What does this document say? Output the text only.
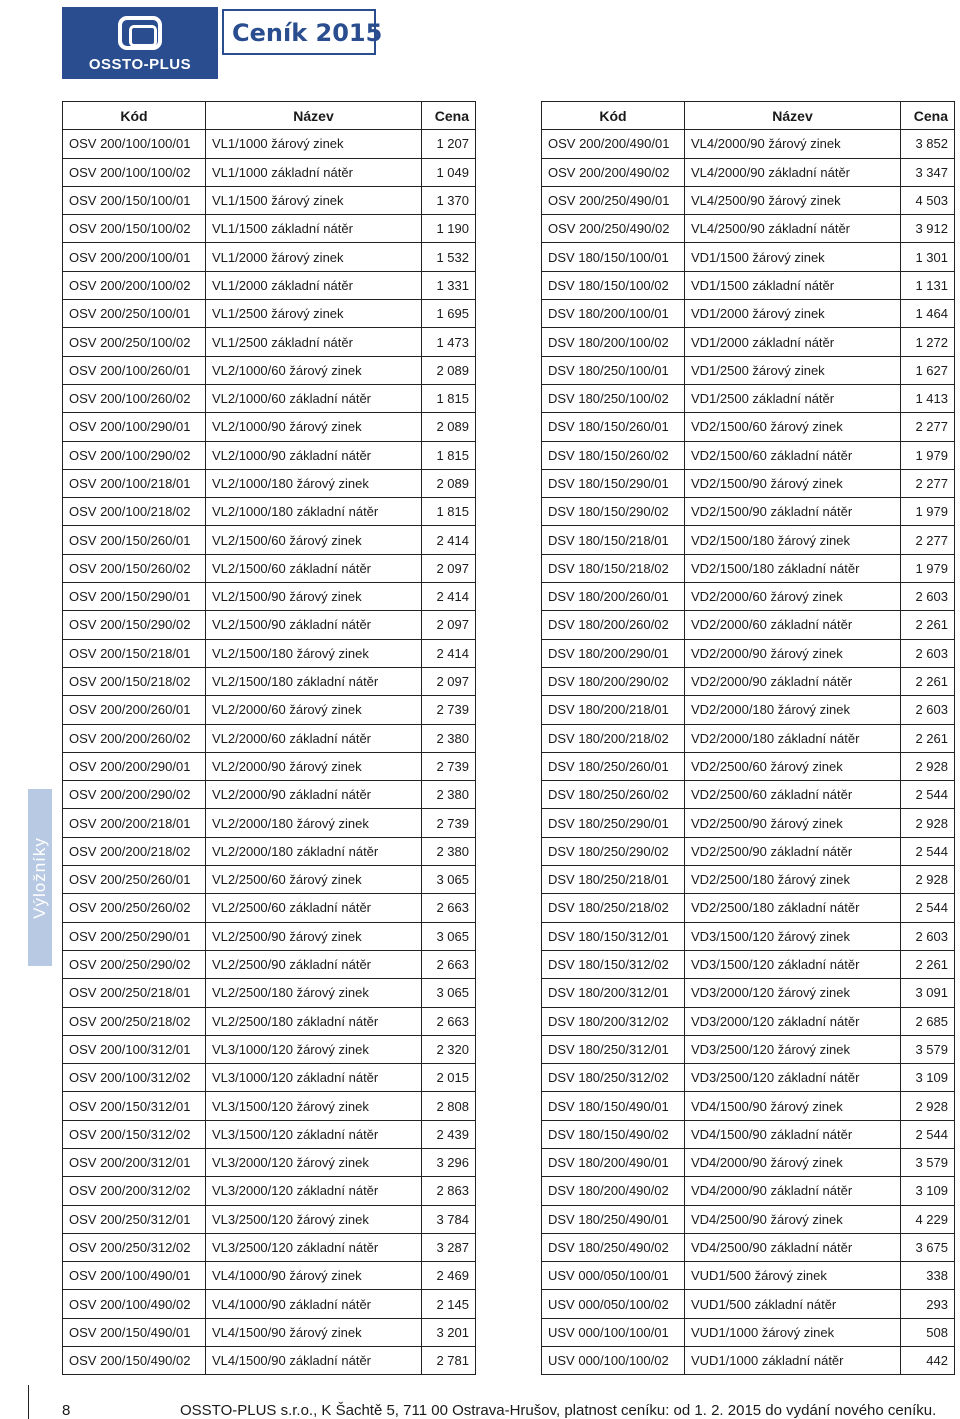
OSSTO-PLUS
Ceník 2015
Kód	Název	Cena
OSV 200/100/100/01	VL1/1000 žárový zinek	1 207
OSV 200/100/100/02	VL1/1000 základní nátěr	1 049
OSV 200/150/100/01	VL1/1500 žárový zinek	1 370
OSV 200/150/100/02	VL1/1500 základní nátěr	1 190
OSV 200/200/100/01	VL1/2000 žárový zinek	1 532
OSV 200/200/100/02	VL1/2000 základní nátěr	1 331
OSV 200/250/100/01	VL1/2500 žárový zinek	1 695
OSV 200/250/100/02	VL1/2500 základní nátěr	1 473
OSV 200/100/260/01	VL2/1000/60 žárový zinek	2 089
OSV 200/100/260/02	VL2/1000/60 základní nátěr	1 815
OSV 200/100/290/01	VL2/1000/90 žárový zinek	2 089
OSV 200/100/290/02	VL2/1000/90 základní nátěr	1 815
OSV 200/100/218/01	VL2/1000/180 žárový zinek	2 089
OSV 200/100/218/02	VL2/1000/180 základní nátěr	1 815
OSV 200/150/260/01	VL2/1500/60 žárový zinek	2 414
OSV 200/150/260/02	VL2/1500/60 základní nátěr	2 097
OSV 200/150/290/01	VL2/1500/90 žárový zinek	2 414
OSV 200/150/290/02	VL2/1500/90 základní nátěr	2 097
OSV 200/150/218/01	VL2/1500/180 žárový zinek	2 414
OSV 200/150/218/02	VL2/1500/180 základní nátěr	2 097
OSV 200/200/260/01	VL2/2000/60 žárový zinek	2 739
OSV 200/200/260/02	VL2/2000/60 základní nátěr	2 380
OSV 200/200/290/01	VL2/2000/90 žárový zinek	2 739
OSV 200/200/290/02	VL2/2000/90 základní nátěr	2 380
OSV 200/200/218/01	VL2/2000/180 žárový zinek	2 739
OSV 200/200/218/02	VL2/2000/180 základní nátěr	2 380
OSV 200/250/260/01	VL2/2500/60 žárový zinek	3 065
OSV 200/250/260/02	VL2/2500/60 základní nátěr	2 663
OSV 200/250/290/01	VL2/2500/90 žárový zinek	3 065
OSV 200/250/290/02	VL2/2500/90 základní nátěr	2 663
OSV 200/250/218/01	VL2/2500/180 žárový zinek	3 065
OSV 200/250/218/02	VL2/2500/180 základní nátěr	2 663
OSV 200/100/312/01	VL3/1000/120 žárový zinek	2 320
OSV 200/100/312/02	VL3/1000/120 základní nátěr	2 015
OSV 200/150/312/01	VL3/1500/120 žárový zinek	2 808
OSV 200/150/312/02	VL3/1500/120 základní nátěr	2 439
OSV 200/200/312/01	VL3/2000/120 žárový zinek	3 296
OSV 200/200/312/02	VL3/2000/120 základní nátěr	2 863
OSV 200/250/312/01	VL3/2500/120 žárový zinek	3 784
OSV 200/250/312/02	VL3/2500/120 základní nátěr	3 287
OSV 200/100/490/01	VL4/1000/90 žárový zinek	2 469
OSV 200/100/490/02	VL4/1000/90 základní nátěr	2 145
OSV 200/150/490/01	VL4/1500/90 žárový zinek	3 201
OSV 200/150/490/02	VL4/1500/90 základní nátěr	2 781
Kód	Název	Cena
OSV 200/200/490/01	VL4/2000/90 žárový zinek	3 852
OSV 200/200/490/02	VL4/2000/90 základní nátěr	3 347
OSV 200/250/490/01	VL4/2500/90 žárový zinek	4 503
OSV 200/250/490/02	VL4/2500/90 základní nátěr	3 912
DSV 180/150/100/01	VD1/1500 žárový zinek	1 301
DSV 180/150/100/02	VD1/1500 základní nátěr	1 131
DSV 180/200/100/01	VD1/2000 žárový zinek	1 464
DSV 180/200/100/02	VD1/2000 základní nátěr	1 272
DSV 180/250/100/01	VD1/2500 žárový zinek	1 627
DSV 180/250/100/02	VD1/2500 základní nátěr	1 413
DSV 180/150/260/01	VD2/1500/60 žárový zinek	2 277
DSV 180/150/260/02	VD2/1500/60 základní nátěr	1 979
DSV 180/150/290/01	VD2/1500/90 žárový zinek	2 277
DSV 180/150/290/02	VD2/1500/90 základní nátěr	1 979
DSV 180/150/218/01	VD2/1500/180 žárový zinek	2 277
DSV 180/150/218/02	VD2/1500/180 základní nátěr	1 979
DSV 180/200/260/01	VD2/2000/60 žárový zinek	2 603
DSV 180/200/260/02	VD2/2000/60 základní nátěr	2 261
DSV 180/200/290/01	VD2/2000/90 žárový zinek	2 603
DSV 180/200/290/02	VD2/2000/90 základní nátěr	2 261
DSV 180/200/218/01	VD2/2000/180 žárový zinek	2 603
DSV 180/200/218/02	VD2/2000/180 základní nátěr	2 261
DSV 180/250/260/01	VD2/2500/60 žárový zinek	2 928
DSV 180/250/260/02	VD2/2500/60 základní nátěr	2 544
DSV 180/250/290/01	VD2/2500/90 žárový zinek	2 928
DSV 180/250/290/02	VD2/2500/90 základní nátěr	2 544
DSV 180/250/218/01	VD2/2500/180 žárový zinek	2 928
DSV 180/250/218/02	VD2/2500/180 základní nátěr	2 544
DSV 180/150/312/01	VD3/1500/120 žárový zinek	2 603
DSV 180/150/312/02	VD3/1500/120 základní nátěr	2 261
DSV 180/200/312/01	VD3/2000/120 žárový zinek	3 091
DSV 180/200/312/02	VD3/2000/120 základní nátěr	2 685
DSV 180/250/312/01	VD3/2500/120 žárový zinek	3 579
DSV 180/250/312/02	VD3/2500/120 základní nátěr	3 109
DSV 180/150/490/01	VD4/1500/90 žárový zinek	2 928
DSV 180/150/490/02	VD4/1500/90 základní nátěr	2 544
DSV 180/200/490/01	VD4/2000/90 žárový zinek	3 579
DSV 180/200/490/02	VD4/2000/90 základní nátěr	3 109
DSV 180/250/490/01	VD4/2500/90 žárový zinek	4 229
DSV 180/250/490/02	VD4/2500/90 základní nátěr	3 675
USV 000/050/100/01	VUD1/500 žárový zinek	338
USV 000/050/100/02	VUD1/500 základní nátěr	293
USV 000/100/100/01	VUD1/1000 žárový zinek	508
USV 000/100/100/02	VUD1/1000 základní nátěr	442
Výložníky
8	OSSTO-PLUS s.r.o., K Šachtě 5, 711 00 Ostrava-Hrušov, platnost ceníku: od 1. 2. 2015 do vydání nového ceníku.
